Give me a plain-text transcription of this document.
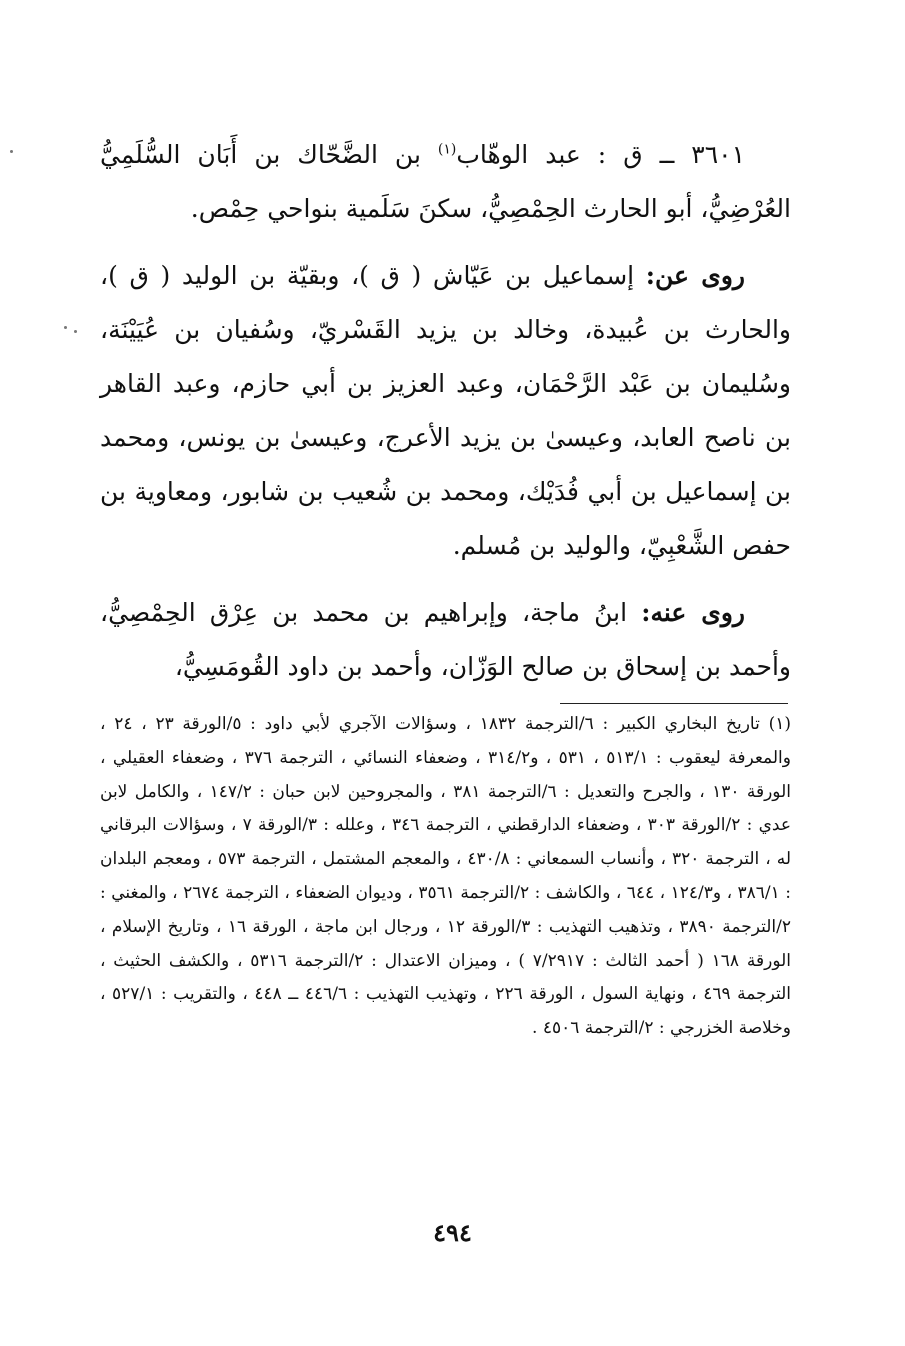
٣٦٠١ ــ ق : عبد الوهّاب$^{(١)}$ بن الضَّحّاك بن أَبَان السُّلَمِيُّ العُرْضِيُّ، أبو الحارث الحِمْصِيُّ، سكنَ سَلَمية بنواحي حِمْص.

روى عن: إسماعيل بن عَيّاش ( ق )، وبقيّة بن الوليد ( ق )، والحارث بن عُبيدة، وخالد بن يزيد القَسْريّ، وسُفيان بن عُيَيْنَة، وسُليمان بن عَبْد الرَّحْمَان، وعبد العزيز بن أبي حازم، وعبد القاهر بن ناصح العابد، وعيسىٰ بن يزيد الأعرج، وعيسىٰ بن يونس، ومحمد بن إسماعيل بن أبي فُدَيْك، ومحمد بن شُعيب بن شابور، ومعاوية بن حفص الشَّعْبِيّ، والوليد بن مُسلم.

روى عنه: ابنُ ماجة، وإبراهيم بن محمد بن عِرْق الحِمْصِيُّ، وأحمد بن إسحاق بن صالح الوَزّان، وأحمد بن داود القُومَسِيُّ،

(١) تاريخ البخاري الكبير : ٦/الترجمة ١٨٣٢ ، وسؤالات الآجري لأبي داود : ٥/الورقة ٢٣ ، ٢٤ ، والمعرفة ليعقوب : ٥١٣/١ ، ٥٣١ ، و٣١٤/٢ ، وضعفاء النسائي ، الترجمة ٣٧٦ ، وضعفاء العقيلي ، الورقة ١٣٠ ، والجرح والتعديل : ٦/الترجمة ٣٨١ ، والمجروحين لابن حبان : ١٤٧/٢ ، والكامل لابن عدي : ٢/الورقة ٣٠٣ ، وضعفاء الدارقطني ، الترجمة ٣٤٦ ، وعلله : ٣/الورقة ٧ ، وسؤالات البرقاني له ، الترجمة ٣٢٠ ، وأنساب السمعاني : ٤٣٠/٨ ، والمعجم المشتمل ، الترجمة ٥٧٣ ، ومعجم البلدان : ٣٨٦/١ ، و١٢٤/٣ ، ٦٤٤ ، والكاشف : ٢/الترجمة ٣٥٦١ ، وديوان الضعفاء ، الترجمة ٢٦٧٤ ، والمغني : ٢/الترجمة ٣٨٩٠ ، وتذهيب التهذيب : ٣/الورقة ١٢ ، ورجال ابن ماجة ، الورقة ١٦ ، وتاريخ الإسلام ، الورقة ١٦٨ ( أحمد الثالث : ٧/٢٩١٧ ) ، وميزان الاعتدال : ٢/الترجمة ٥٣١٦ ، والكشف الحثيث ، الترجمة ٤٦٩ ، ونهاية السول ، الورقة ٢٢٦ ، وتهذيب التهذيب : ٤٤٦/٦ ــ ٤٤٨ ، والتقريب : ٥٢٧/١ ، وخلاصة الخزرجي : ٢/الترجمة ٤٥٠٦ .

٤٩٤
